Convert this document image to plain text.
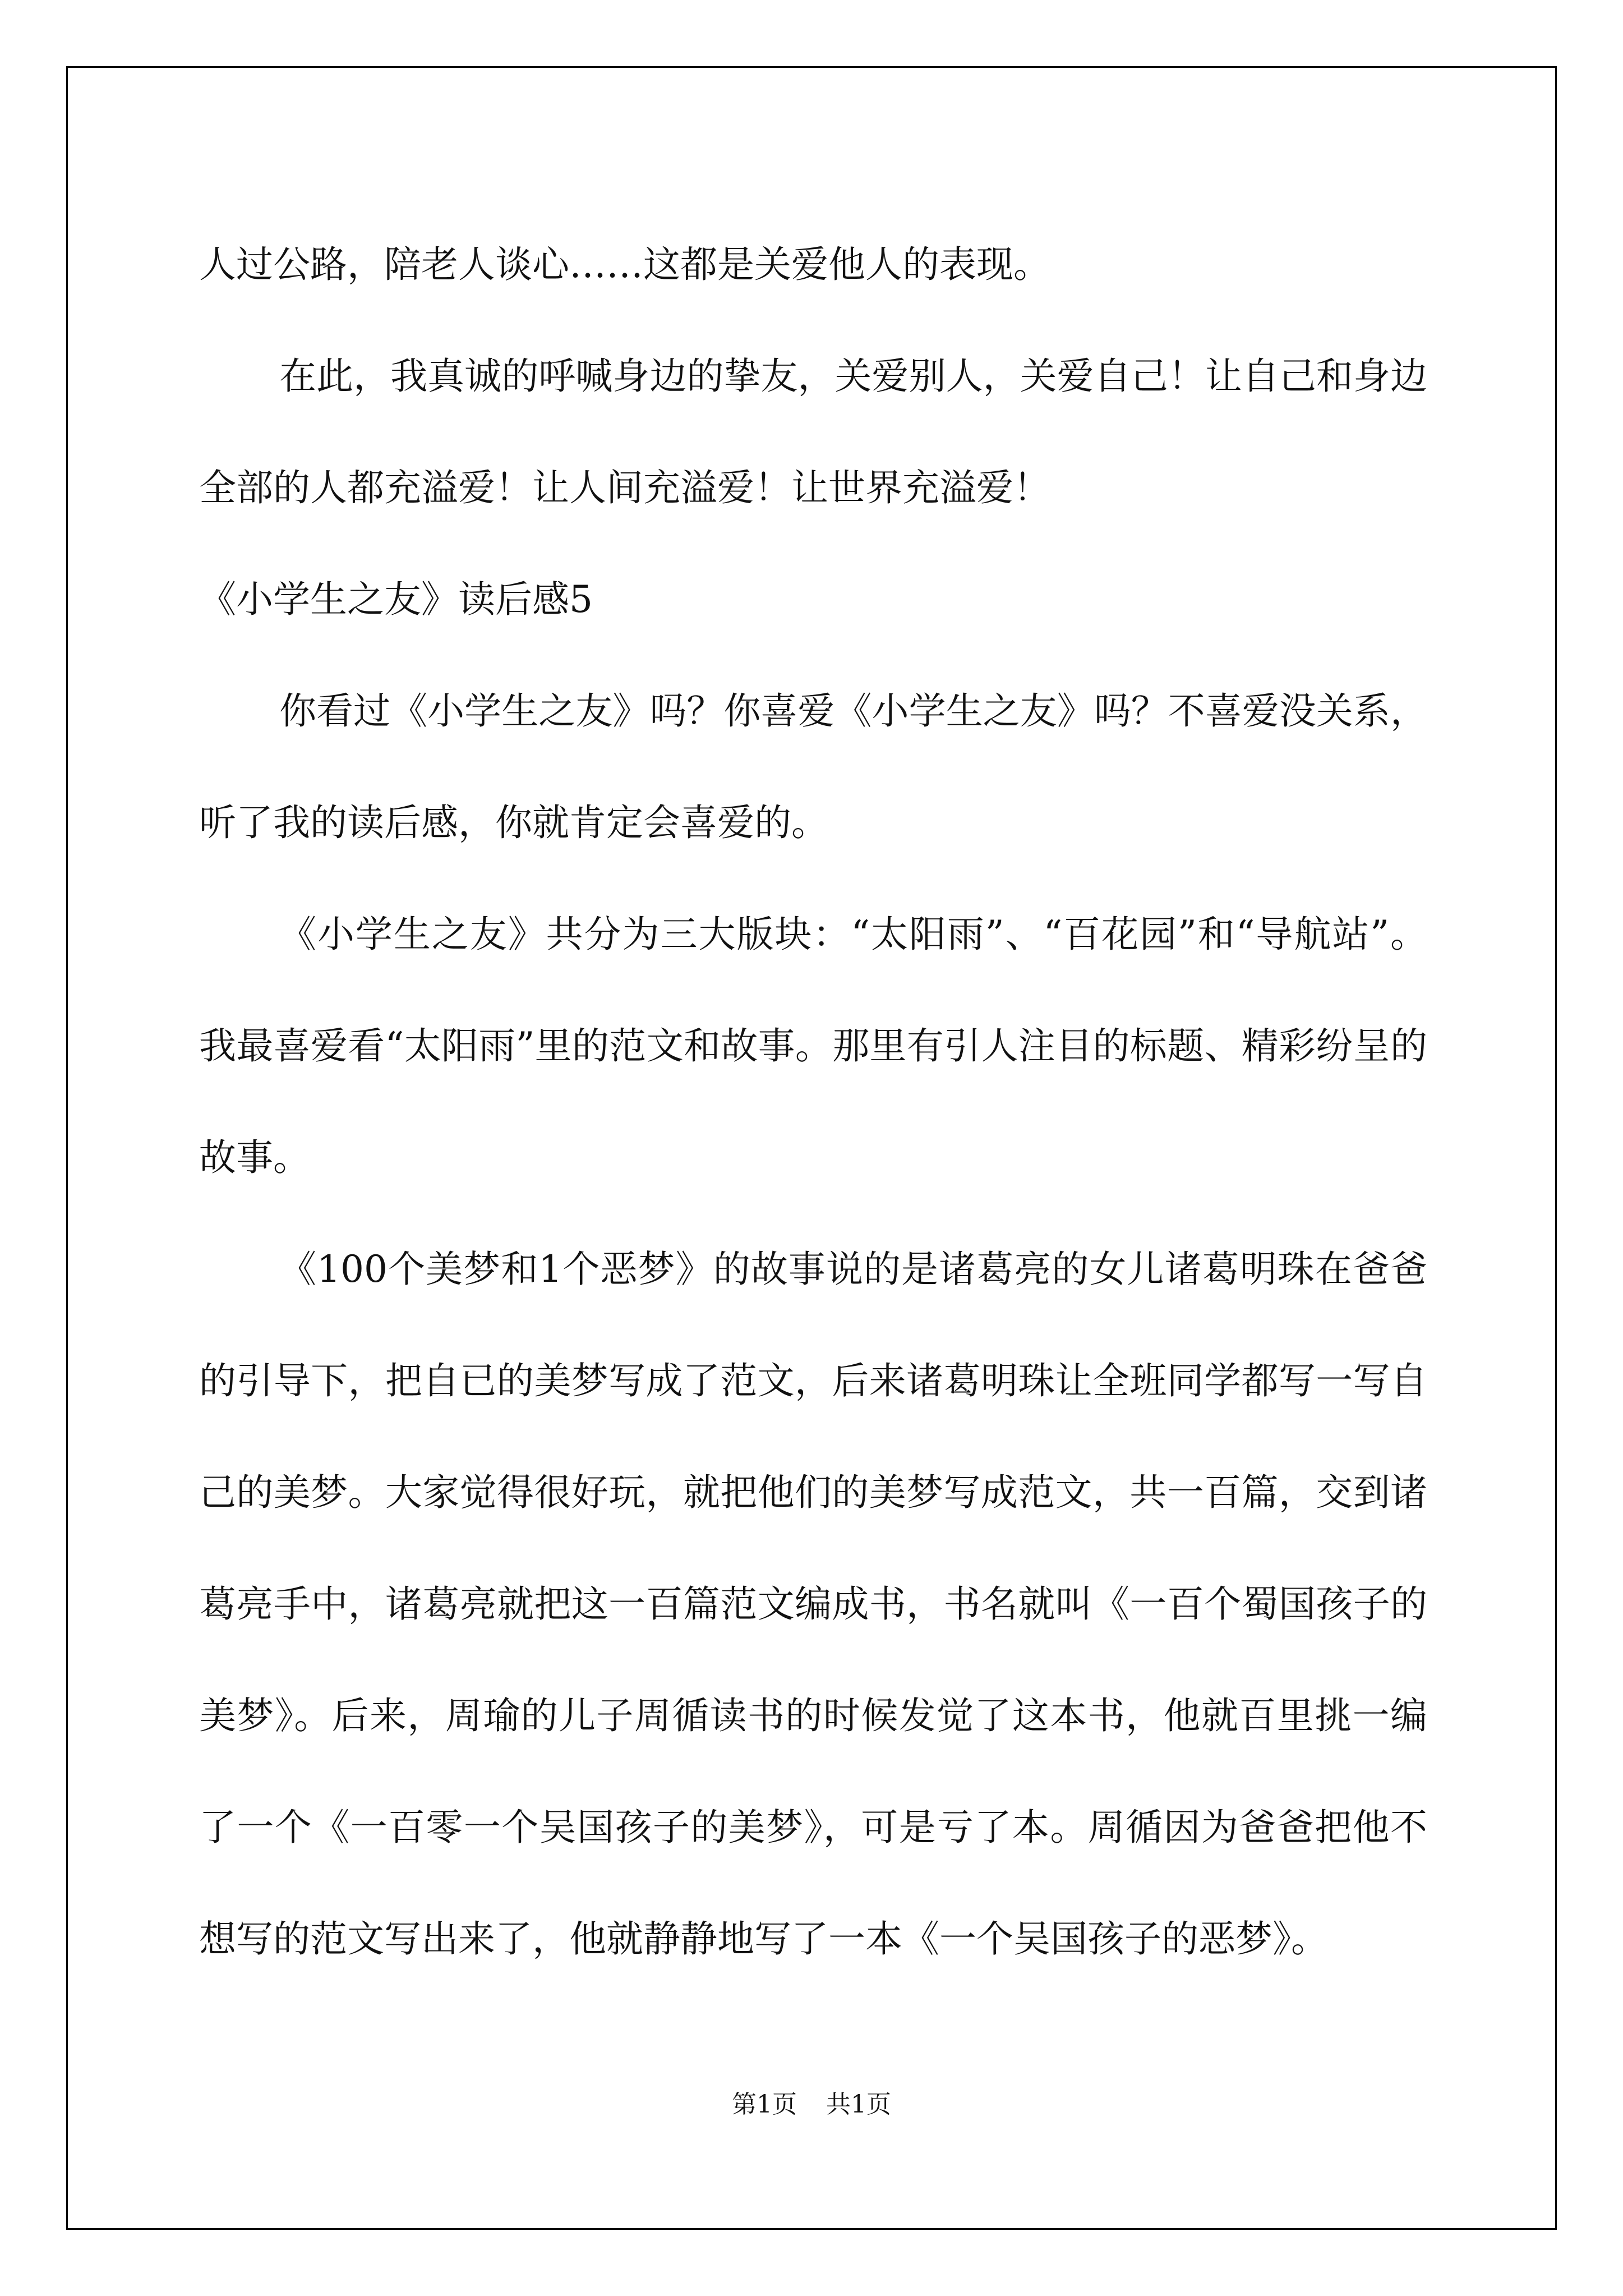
人过公路，陪老人谈心……这都是关爱他人的表现。

在此，我真诚的呼喊身边的挚友，关爱别人，关爱自己！让自己和身边全部的人都充溢爱！让人间充溢爱！让世界充溢爱！

《小学生之友》读后感5

你看过《小学生之友》吗？你喜爱《小学生之友》吗？不喜爱没关系，听了我的读后感，你就肯定会喜爱的。

《小学生之友》共分为三大版块：“太阳雨”、“百花园”和“导航站”。我最喜爱看“太阳雨”里的范文和故事。那里有引人注目的标题、精彩纷呈的故事。

《100个美梦和1个恶梦》的故事说的是诸葛亮的女儿诸葛明珠在爸爸的引导下，把自已的美梦写成了范文，后来诸葛明珠让全班同学都写一写自己的美梦。大家觉得很好玩，就把他们的美梦写成范文，共一百篇，交到诸葛亮手中，诸葛亮就把这一百篇范文编成书，书名就叫《一百个蜀国孩子的美梦》。后来，周瑜的儿子周循读书的时候发觉了这本书，他就百里挑一编了一个《一百零一个吴国孩子的美梦》，可是亏了本。周循因为爸爸把他不想写的范文写出来了，他就静静地写了一本《一个吴国孩子的恶梦》。

第1页 共1页
